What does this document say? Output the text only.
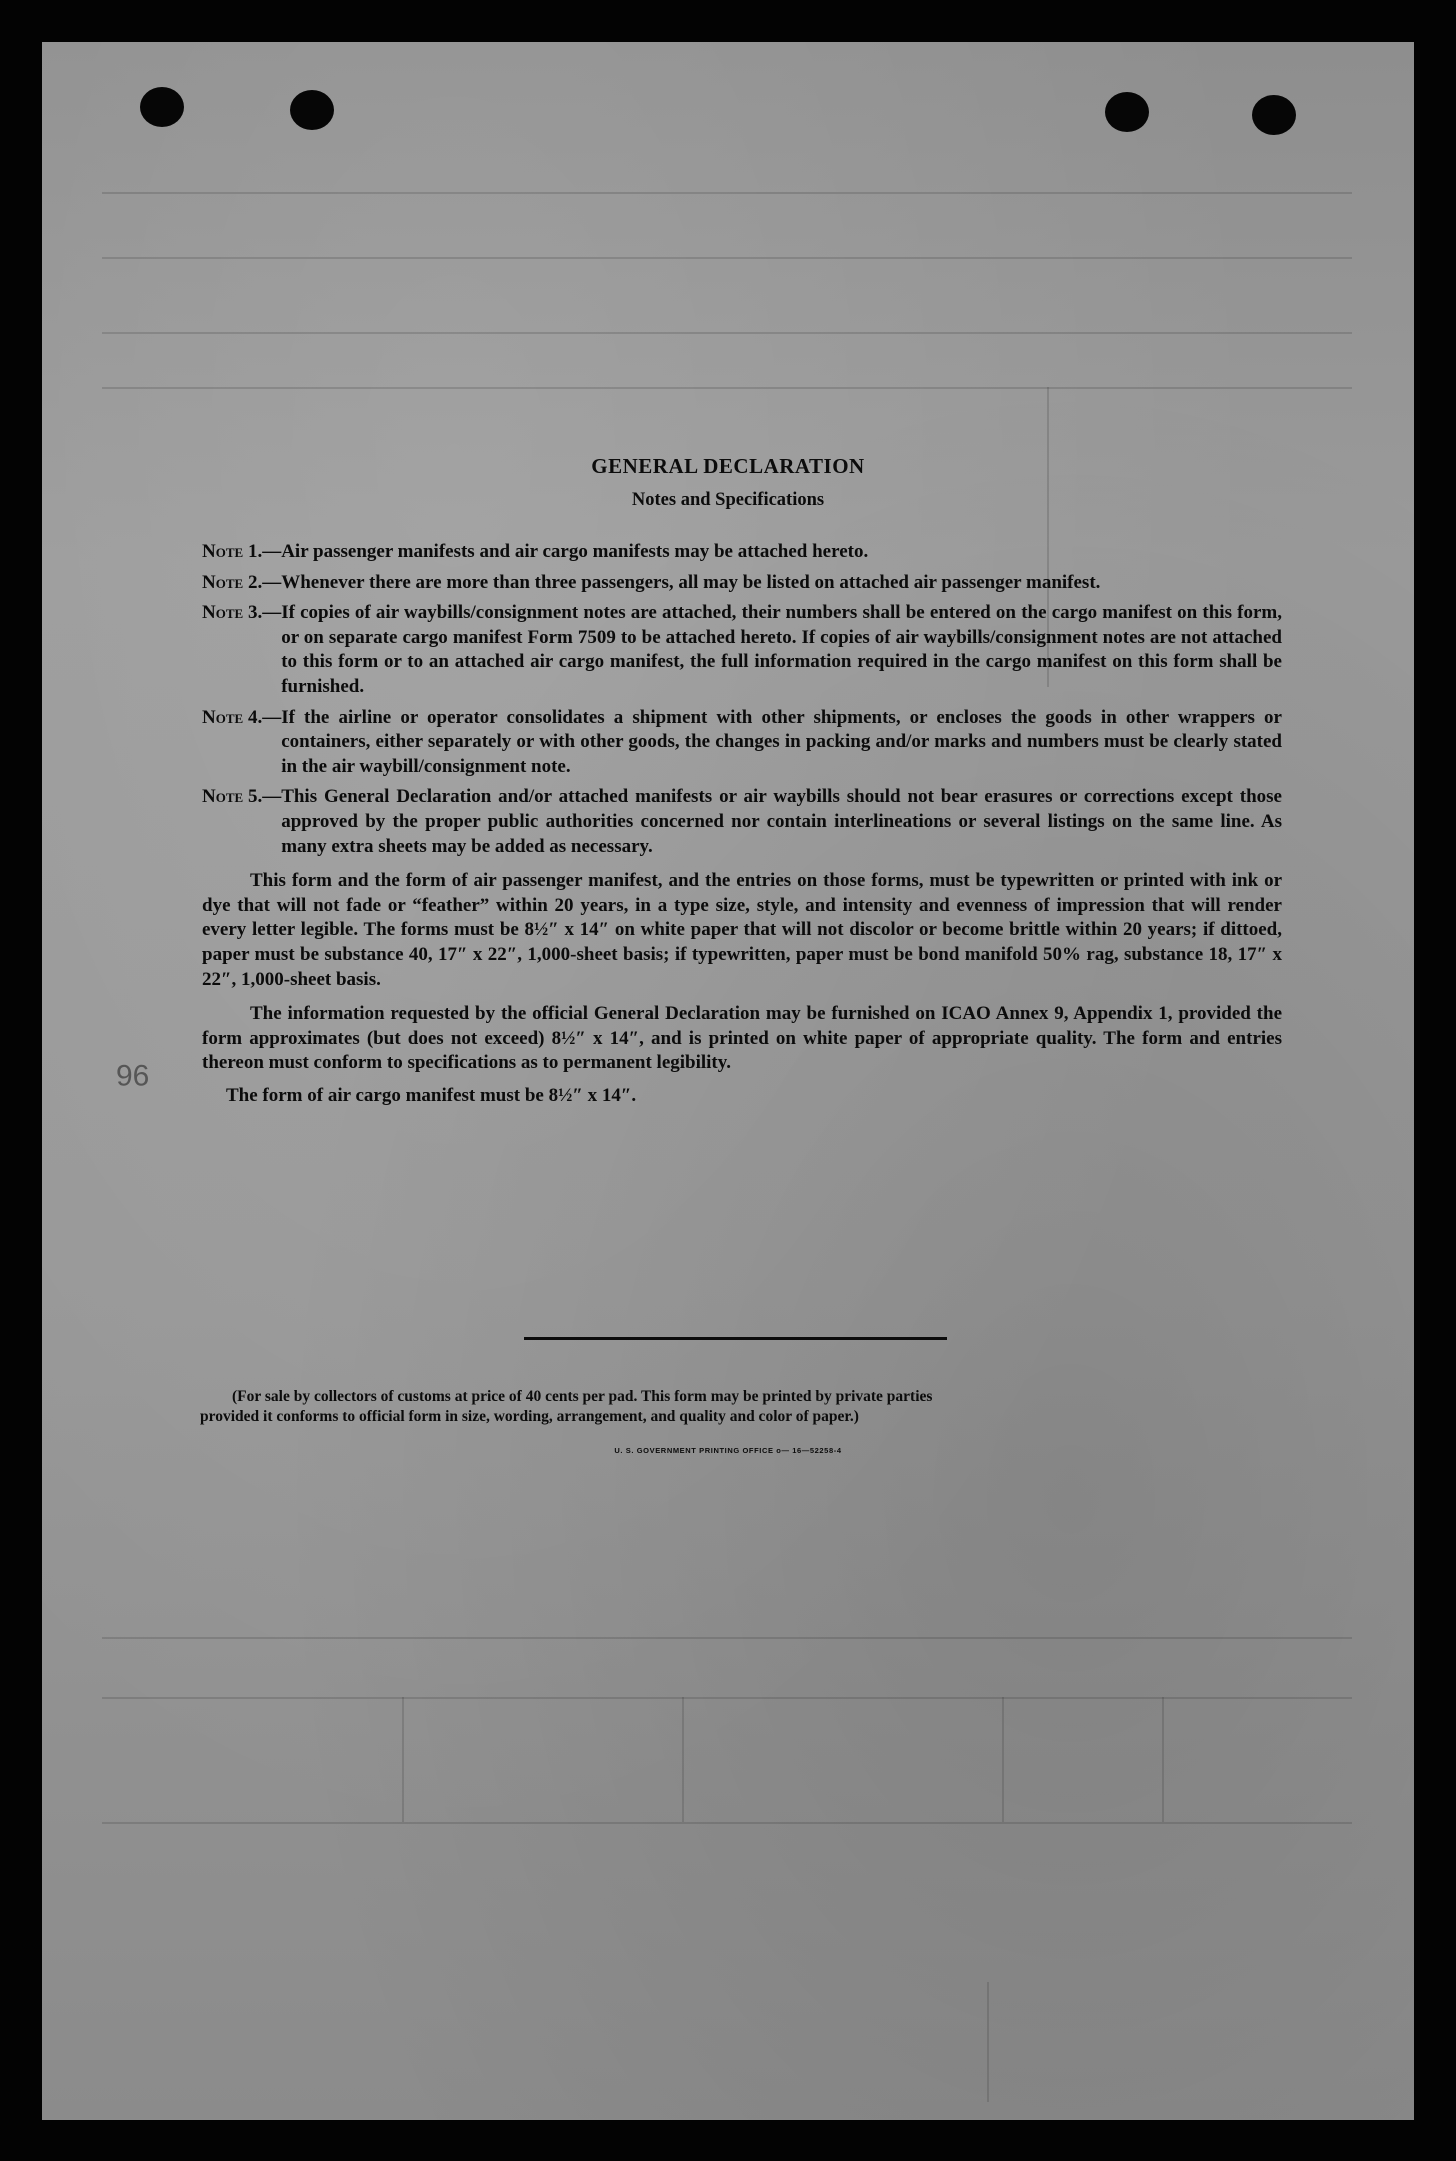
96
GENERAL DECLARATION
Notes and Specifications
Note
1. — Air passenger manifests and air cargo manifests may be attached hereto.
Note
2. — Whenever there are more than three passengers, all may be listed on attached air passenger manifest.
Note
3. — If copies of air waybills/consignment notes are attached, their numbers shall be entered on the cargo manifest on this form, or on separate cargo manifest Form 7509 to be attached hereto. If copies of air waybills/consignment notes are not attached to this form or to an attached air cargo manifest, the full information required in the cargo manifest on this form shall be furnished.
Note
4. — If the airline or operator consolidates a shipment with other shipments, or encloses the goods in other wrappers or containers, either separately or with other goods, the changes in packing and/or marks and numbers must be clearly stated in the air waybill/consignment note.
Note
5. — This General Declaration and/or attached manifests or air waybills should not bear erasures or corrections except those approved by the proper public authorities concerned nor contain interlineations or several listings on the same line. As many extra sheets may be added as necessary.
This form and the form of air passenger manifest, and the entries on those forms, must be typewritten or printed with ink or dye that will not fade or “feather” within 20 years, in a type size, style, and intensity and evenness of impression that will render every letter legible. The forms must be 8½″ x 14″ on white paper that will not discolor or become brittle within 20 years; if dittoed, paper must be substance 40, 17″ x 22″, 1,000-sheet basis; if typewritten, paper must be bond manifold 50% rag, substance 18, 17″ x 22″, 1,000-sheet basis.
The information requested by the official General Declaration may be furnished on ICAO Annex 9, Appendix 1, provided the form approximates (but does not exceed) 8½″ x 14″, and is printed on white paper of appropriate quality. The form and entries thereon must conform to specifications as to permanent legibility.
The form of air cargo manifest must be 8½″ x 14″.
(For sale by collectors of customs at price of 40 cents per pad. This form may be printed by private parties
provided it conforms to official form in size, wording, arrangement, and quality and color of paper.)
U. S. GOVERNMENT PRINTING OFFICE o— 16—52258-4
